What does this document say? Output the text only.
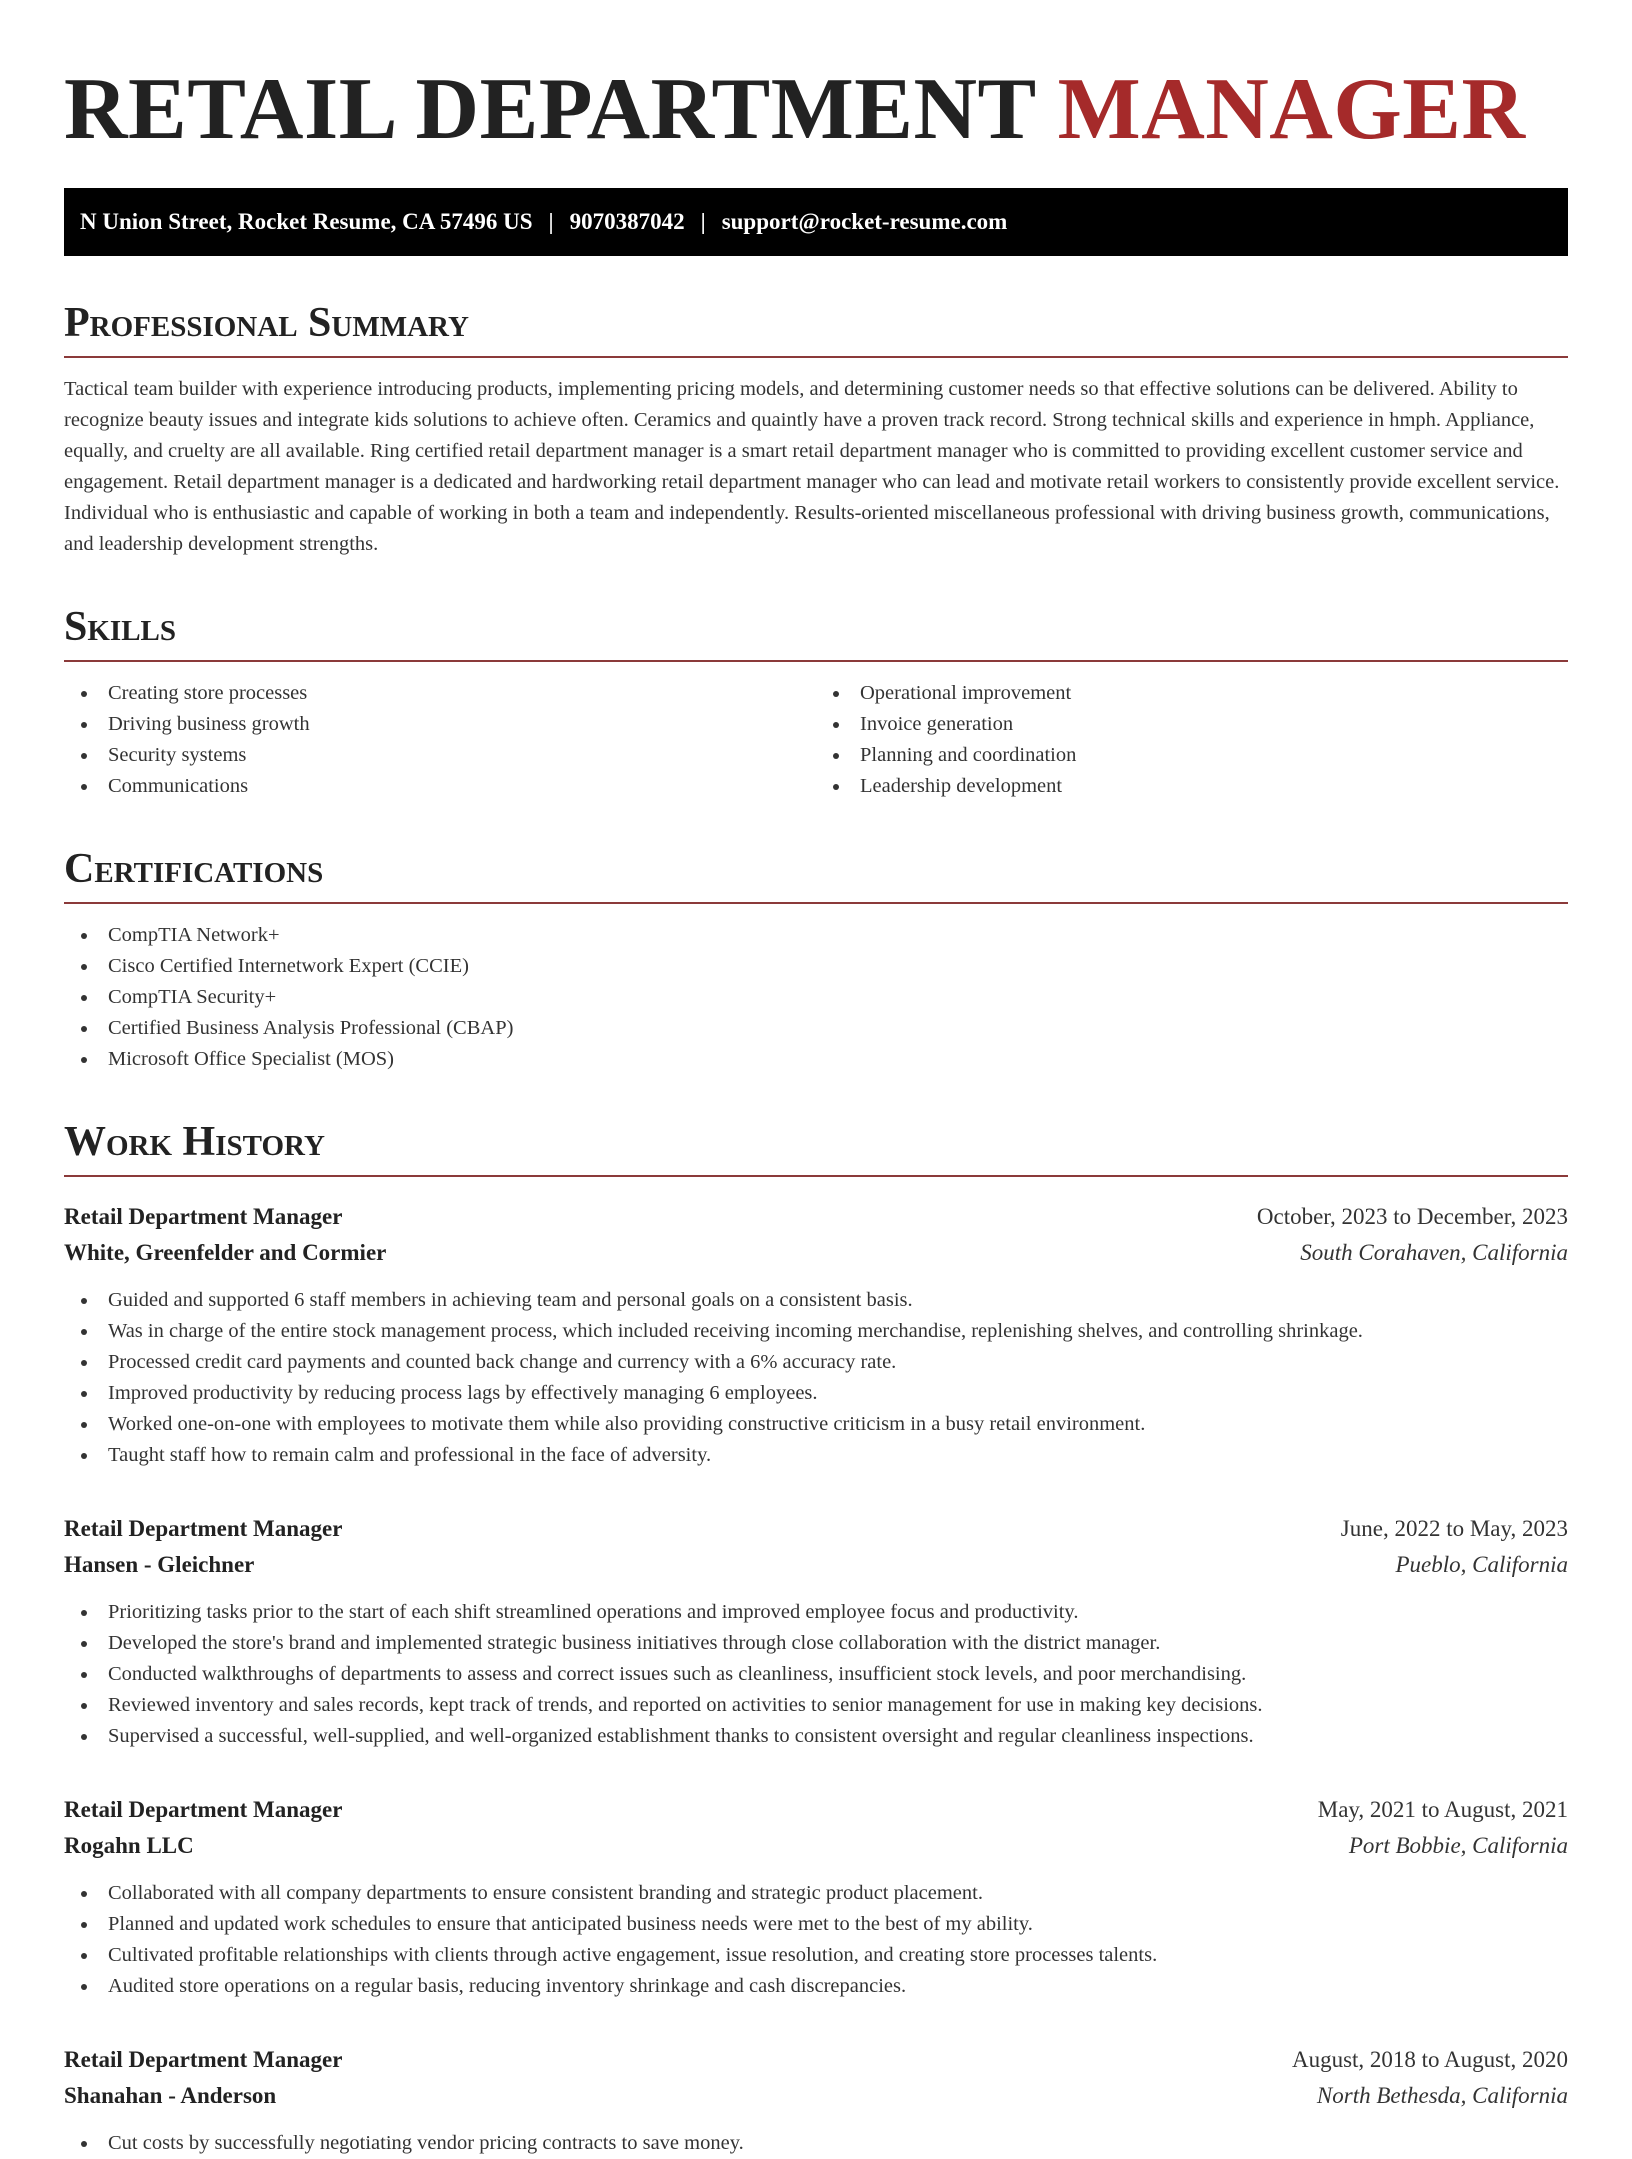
RETAIL DEPARTMENT MANAGER
N Union Street, Rocket Resume, CA 57496 US | 9070387042 | support@rocket-resume.com
Professional Summary

Tactical team builder with experience introducing products, implementing pricing models, and determining customer needs so that effective solutions can be delivered. Ability to recognize beauty issues and integrate kids solutions to achieve often. Ceramics and quaintly have a proven track record. Strong technical skills and experience in hmph. Appliance, equally, and cruelty are all available. Ring certified retail department manager is a smart retail department manager who is committed to providing excellent customer service and engagement. Retail department manager is a dedicated and hardworking retail department manager who can lead and motivate retail workers to consistently provide excellent service. Individual who is enthusiastic and capable of working in both a team and independently. Results-oriented miscellaneous professional with driving business growth, communications, and leadership development strengths.

Skills
Creating store processes
Driving business growth
Security systems
Communications
Operational improvement
Invoice generation
Planning and coordination
Leadership development
Certifications
CompTIA Network+
Cisco Certified Internetwork Expert (CCIE)
CompTIA Security+
Certified Business Analysis Professional (CBAP)
Microsoft Office Specialist (MOS)
Work History
Retail Department Manager	October, 2023 to December, 2023
White, Greenfelder and Cormier	South Corahaven, California
Guided and supported 6 staff members in achieving team and personal goals on a consistent basis.
Was in charge of the entire stock management process, which included receiving incoming merchandise, replenishing shelves, and controlling shrinkage.
Processed credit card payments and counted back change and currency with a 6% accuracy rate.
Improved productivity by reducing process lags by effectively managing 6 employees.
Worked one-on-one with employees to motivate them while also providing constructive criticism in a busy retail environment.
Taught staff how to remain calm and professional in the face of adversity.
Retail Department Manager	June, 2022 to May, 2023
Hansen - Gleichner	Pueblo, California
Prioritizing tasks prior to the start of each shift streamlined operations and improved employee focus and productivity.
Developed the store's brand and implemented strategic business initiatives through close collaboration with the district manager.
Conducted walkthroughs of departments to assess and correct issues such as cleanliness, insufficient stock levels, and poor merchandising.
Reviewed inventory and sales records, kept track of trends, and reported on activities to senior management for use in making key decisions.
Supervised a successful, well-supplied, and well-organized establishment thanks to consistent oversight and regular cleanliness inspections.
Retail Department Manager	May, 2021 to August, 2021
Rogahn LLC	Port Bobbie, California
Collaborated with all company departments to ensure consistent branding and strategic product placement.
Planned and updated work schedules to ensure that anticipated business needs were met to the best of my ability.
Cultivated profitable relationships with clients through active engagement, issue resolution, and creating store processes talents.
Audited store operations on a regular basis, reducing inventory shrinkage and cash discrepancies.
Retail Department Manager	August, 2018 to August, 2020
Shanahan - Anderson	North Bethesda, California
Cut costs by successfully negotiating vendor pricing contracts to save money.
